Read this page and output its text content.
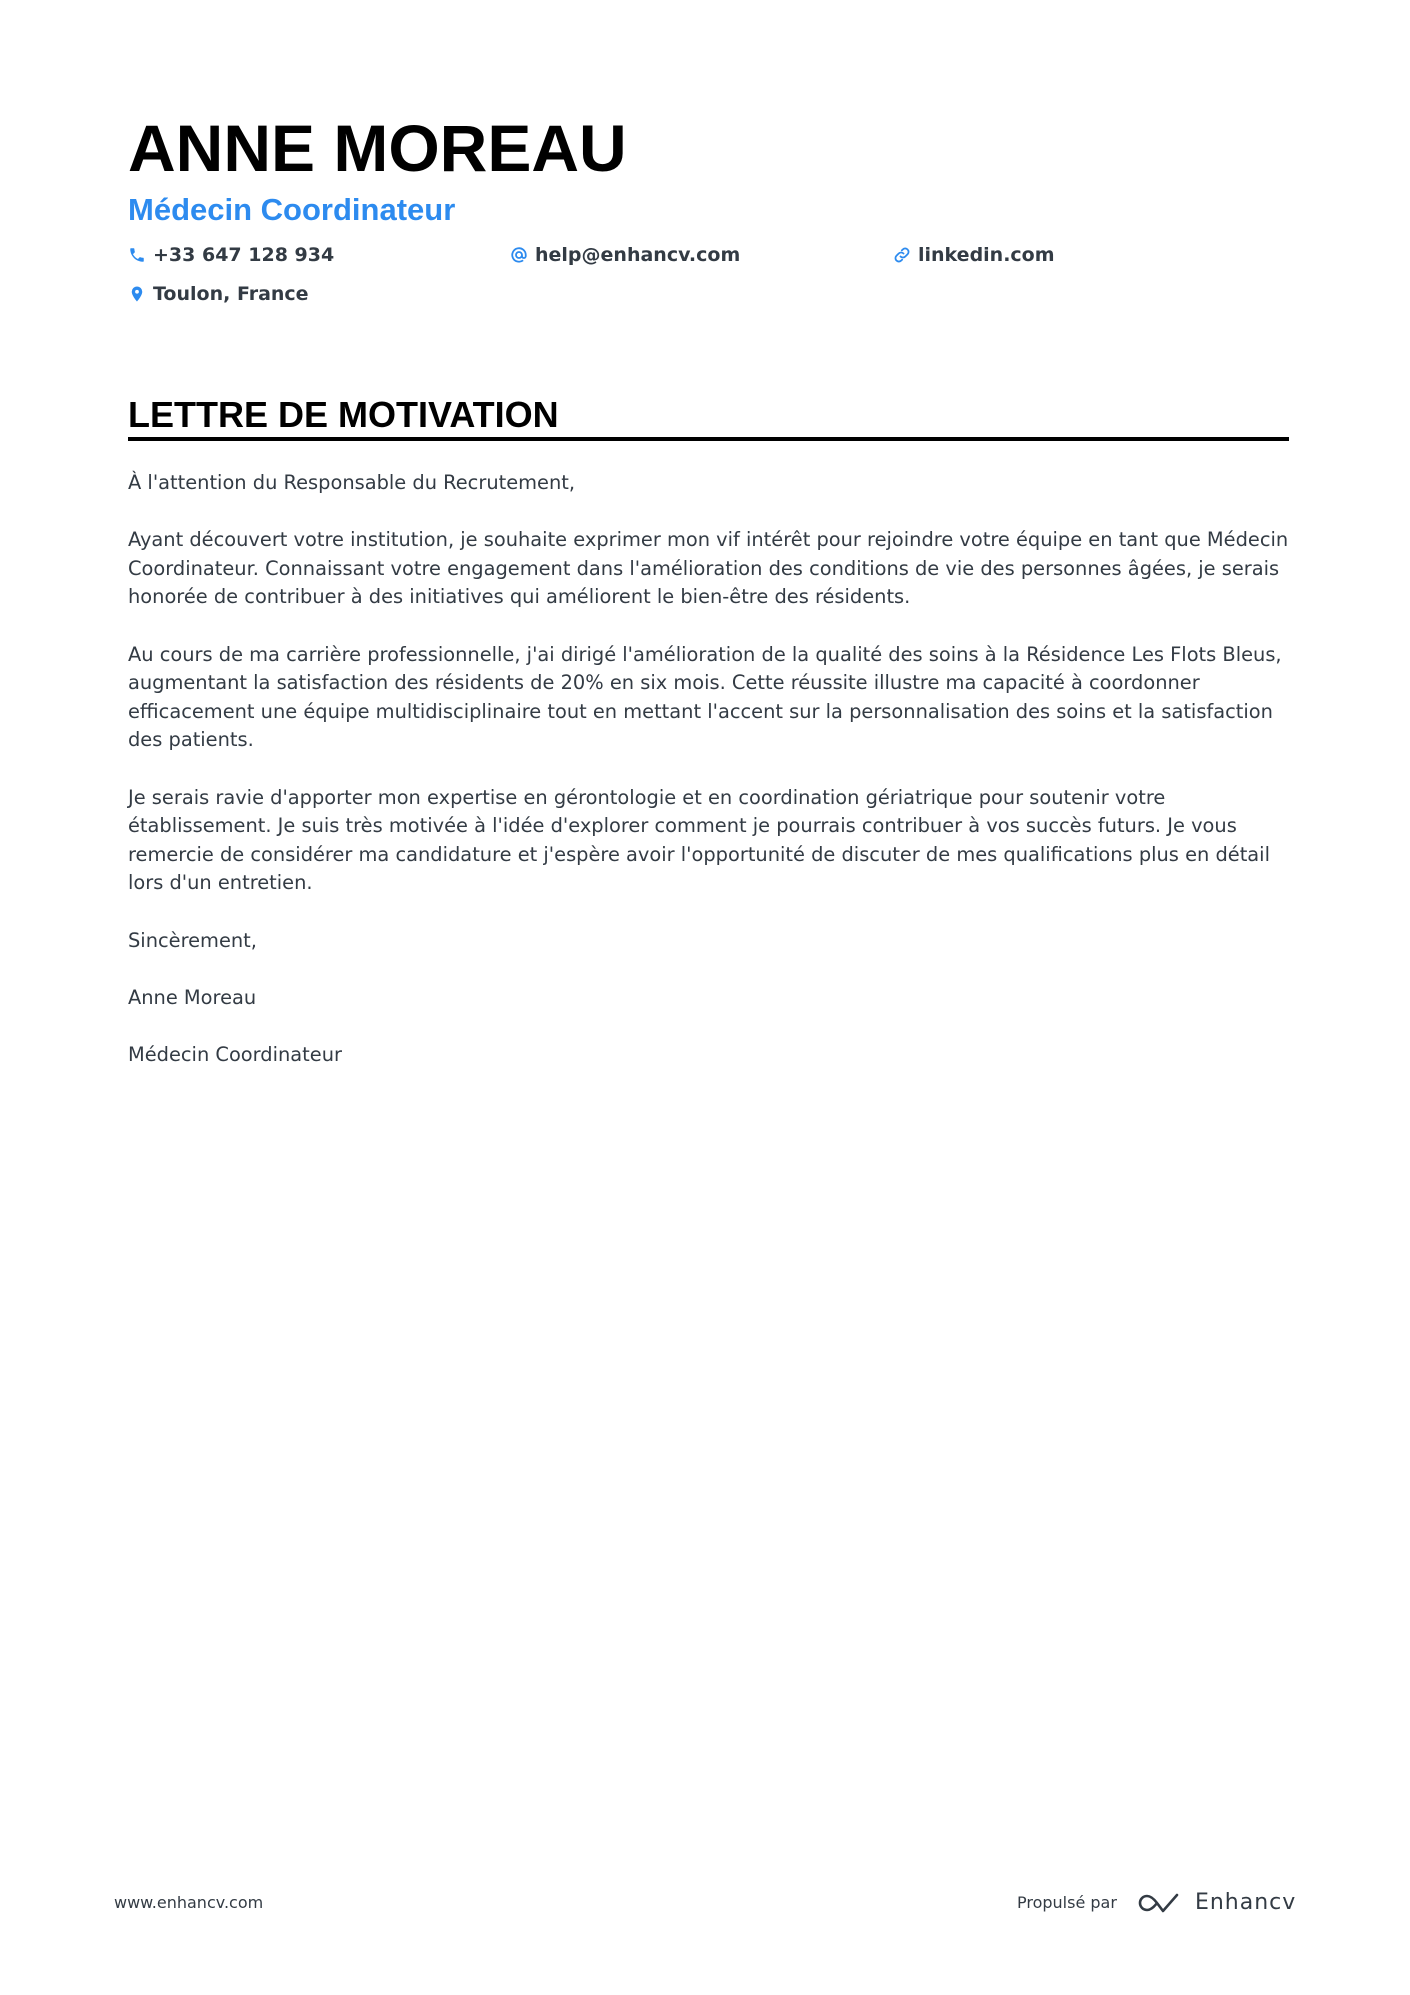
ANNE MOREAU
Médecin Coordinateur
+33 647 128 934	help@enhancv.com	linkedin.com
Toulon, France
LETTRE DE MOTIVATION

À l'attention du Responsable du Recrutement,

Ayant découvert votre institution, je souhaite exprimer mon vif intérêt pour rejoindre votre équipe en tant que Médecin Coordinateur. Connaissant votre engagement dans l'amélioration des conditions de vie des personnes âgées, je serais honorée de contribuer à des initiatives qui améliorent le bien-être des résidents.

Au cours de ma carrière professionnelle, j'ai dirigé l'amélioration de la qualité des soins à la Résidence Les Flots Bleus, augmentant la satisfaction des résidents de 20% en six mois. Cette réussite illustre ma capacité à coordonner efficacement une équipe multidisciplinaire tout en mettant l'accent sur la personnalisation des soins et la satisfaction des patients.

Je serais ravie d'apporter mon expertise en gérontologie et en coordination gériatrique pour soutenir votre établissement. Je suis très motivée à l'idée d'explorer comment je pourrais contribuer à vos succès futurs. Je vous remercie de considérer ma candidature et j'espère avoir l'opportunité de discuter de mes qualifications plus en détail lors d'un entretien.

Sincèrement,

Anne Moreau

Médecin Coordinateur

www.enhancv.com	Propulsé par	Enhancv
